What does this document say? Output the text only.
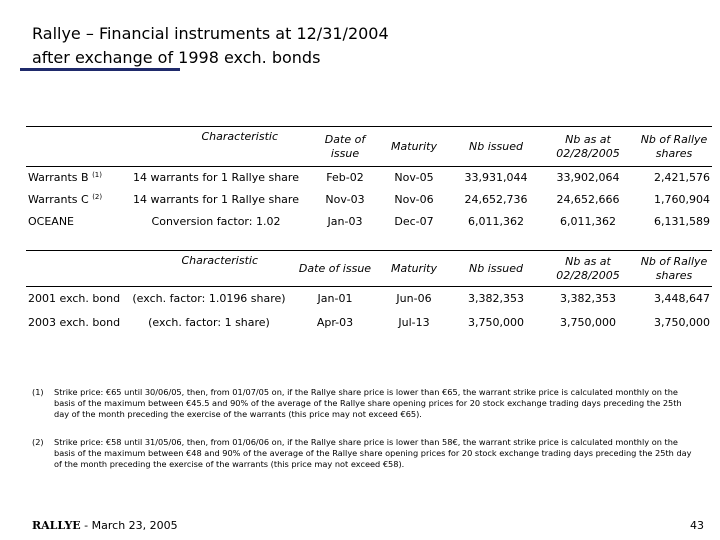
Rallye – Financial instruments at 12/31/2004
after exchange of 1998 exch. bonds
Characteristic		Date of issue	Maturity	Nb issued	Nb as at 02/28/2005	Nb of Rallye shares
Warrants B $^{(1)}$	14 warrants for 1 Rallye share	Feb-02	Nov-05	33,931,044	33,902,064	2,421,576
Warrants C $^{(2)}$	14 warrants for 1 Rallye share	Nov-03	Nov-06	24,652,736	24,652,666	1,760,904
OCEANE	Conversion factor: 1.02	Jan-03	Dec-07	6,011,362	6,011,362	6,131,589
Characteristic		Date of issue	Maturity	Nb issued	Nb as at 02/28/2005	Nb of Rallye shares
2001 exch. bond	(exch. factor: 1.0196 share)	Jan-01	Jun-06	3,382,353	3,382,353	3,448,647
2003 exch. bond	(exch. factor: 1 share)	Apr-03	Jul-13	3,750,000	3,750,000	3,750,000
(1) Strike price: €65 until 30/06/05, then, from 01/07/05 on, if the Rallye share price is lower than €65, the warrant strike price is calculated monthly on the basis of the maximum between €45.5 and 90% of the average of the Rallye share opening prices for 20 stock exchange trading days preceding the 25th day of the month preceding the exercise of the warrants (this price may not exceed €65).
(2) Strike price: €58 until 31/05/06, then, from 01/06/06 on, if the Rallye share price is lower than 58€, the warrant strike price is calculated monthly on the basis of the maximum between €48 and 90% of the average of the Rallye share opening prices for 20 stock exchange trading days preceding the 25th day of the month preceding the exercise of the warrants (this price may not exceed €58).
RALLYE - March 23, 2005	43
